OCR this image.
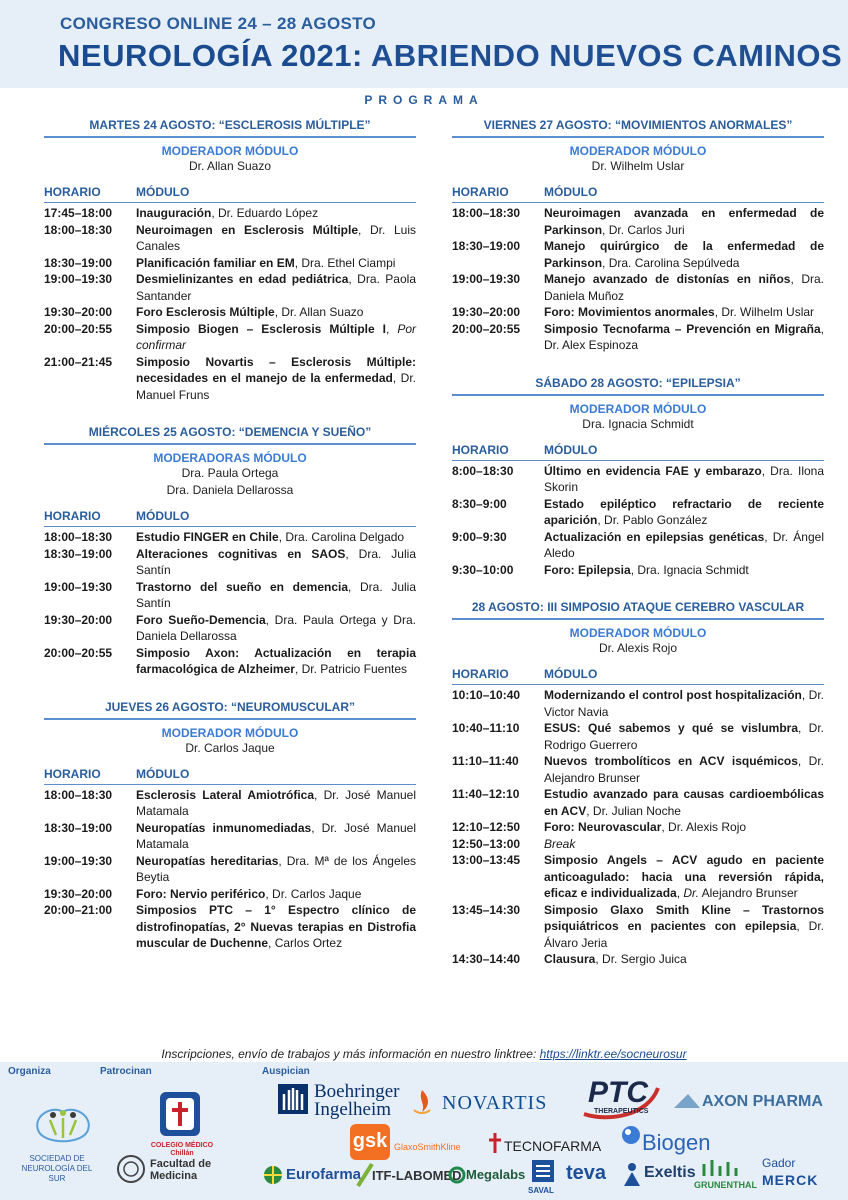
CONGRESO ONLINE 24 – 28 AGOSTO
NEUROLOGÍA 2021: ABRIENDO NUEVOS CAMINOS
PROGRAMA
MARTES 24 AGOSTO: “ESCLEROSIS MÚLTIPLE”
MODERADOR MÓDULO
Dr. Allan Suazo
HORARIO	MÓDULO
17:45–18:00	Inauguración, Dr. Eduardo López
18:00–18:30	Neuroimagen en Esclerosis Múltiple, Dr. Luis Canales
18:30–19:00	Planificación familiar en EM, Dra. Ethel Ciampi
19:00–19:30	Desmielinizantes en edad pediátrica, Dra. Paola Santander
19:30–20:00	Foro Esclerosis Múltiple, Dr. Allan Suazo
20:00–20:55	Simposio Biogen – Esclerosis Múltiple I, Por confirmar
21:00–21:45	Simposio Novartis – Esclerosis Múltiple: necesidades en el manejo de la enfermedad, Dr. Manuel Fruns
MIÉRCOLES 25 AGOSTO: “DEMENCIA Y SUEÑO”
MODERADORAS MÓDULO
Dra. Paula Ortega
Dra. Daniela Dellarossa
HORARIO	MÓDULO
18:00–18:30	Estudio FINGER en Chile, Dra. Carolina Delgado
18:30–19:00	Alteraciones cognitivas en SAOS, Dra. Julia Santín
19:00–19:30	Trastorno del sueño en demencia, Dra. Julia Santín
19:30–20:00	Foro Sueño-Demencia, Dra. Paula Ortega y Dra. Daniela Dellarossa
20:00–20:55	Simposio Axon: Actualización en terapia farmacológica de Alzheimer, Dr. Patricio Fuentes
JUEVES 26 AGOSTO: “NEUROMUSCULAR”
MODERADOR MÓDULO
Dr. Carlos Jaque
HORARIO	MÓDULO
18:00–18:30	Esclerosis Lateral Amiotrófica, Dr. José Manuel Matamala
18:30–19:00	Neuropatías inmunomediadas, Dr. José Manuel Matamala
19:00–19:30	Neuropatías hereditarias, Dra. Mª de los Ángeles Beytia
19:30–20:00	Foro: Nervio periférico, Dr. Carlos Jaque
20:00–21:00	Simposios PTC – 1° Espectro clínico de distrofinopatías, 2° Nuevas terapias en Distrofia muscular de Duchenne, Carlos Ortez
VIERNES 27 AGOSTO: “MOVIMIENTOS ANORMALES”
MODERADOR MÓDULO
Dr. Wilhelm Uslar
HORARIO	MÓDULO
18:00–18:30	Neuroimagen avanzada en enfermedad de Parkinson, Dr. Carlos Juri
18:30–19:00	Manejo quirúrgico de la enfermedad de Parkinson, Dra. Carolina Sepúlveda
19:00–19:30	Manejo avanzado de distonías en niños, Dra. Daniela Muñoz
19:30–20:00	Foro: Movimientos anormales, Dr. Wilhelm Uslar
20:00–20:55	Simposio Tecnofarma – Prevención en Migraña, Dr. Alex Espinoza
SÁBADO 28 AGOSTO: “EPILEPSIA”
MODERADOR MÓDULO
Dra. Ignacia Schmidt
HORARIO	MÓDULO
8:00–18:30	Último en evidencia FAE y embarazo, Dra. Ilona Skorin
8:30–9:00	Estado epiléptico refractario de reciente aparición, Dr. Pablo González
9:00–9:30	Actualización en epilepsias genéticas, Dr. Ángel Aledo
9:30–10:00	Foro: Epilepsia, Dra. Ignacia Schmidt
28 AGOSTO: III SIMPOSIO ATAQUE CEREBRO VASCULAR
MODERADOR MÓDULO
Dr. Alexis Rojo
HORARIO	MÓDULO
10:10–10:40	Modernizando el control post hospitalización, Dr. Victor Navia
10:40–11:10	ESUS: Qué sabemos y qué se vislumbra, Dr. Rodrigo Guerrero
11:10–11:40	Nuevos trombolíticos en ACV isquémicos, Dr. Alejandro Brunser
11:40–12:10	Estudio avanzado para causas cardioembólicas en ACV, Dr. Julian Noche
12:10–12:50	Foro: Neurovascular, Dr. Alexis Rojo
12:50–13:00	Break
13:00–13:45	Simposio Angels – ACV agudo en paciente anticoagulado: hacia una reversión rápida, eficaz e individualizada, Dr. Alejandro Brunser
13:45–14:30	Simposio Glaxo Smith Kline – Trastornos psiquiátricos en pacientes con epilepsia, Dr. Álvaro Jeria
14:30–14:40	Clausura, Dr. Sergio Juica
Inscripciones, envío de trabajos y más información en nuestro linktree: https://linktr.ee/socneurosur
Organiza	Patrocinan	Auspician
SOCIEDAD DE NEUROLOGÍA DEL SUR
COLEGIO MÉDICO Chillán
Facultad de Medicina
Boehringer
Ingelheim	NOVARTIS PTC
THERAPEUTICS
AXON PHARMA
gsk GlaxoSmithKline	TECNOFARMA Biogen
Eurofarma ITF-LABOMED Megalabs
SAVAL
teva Exeltis
GRUNENTHAL
Gador
MERCK
